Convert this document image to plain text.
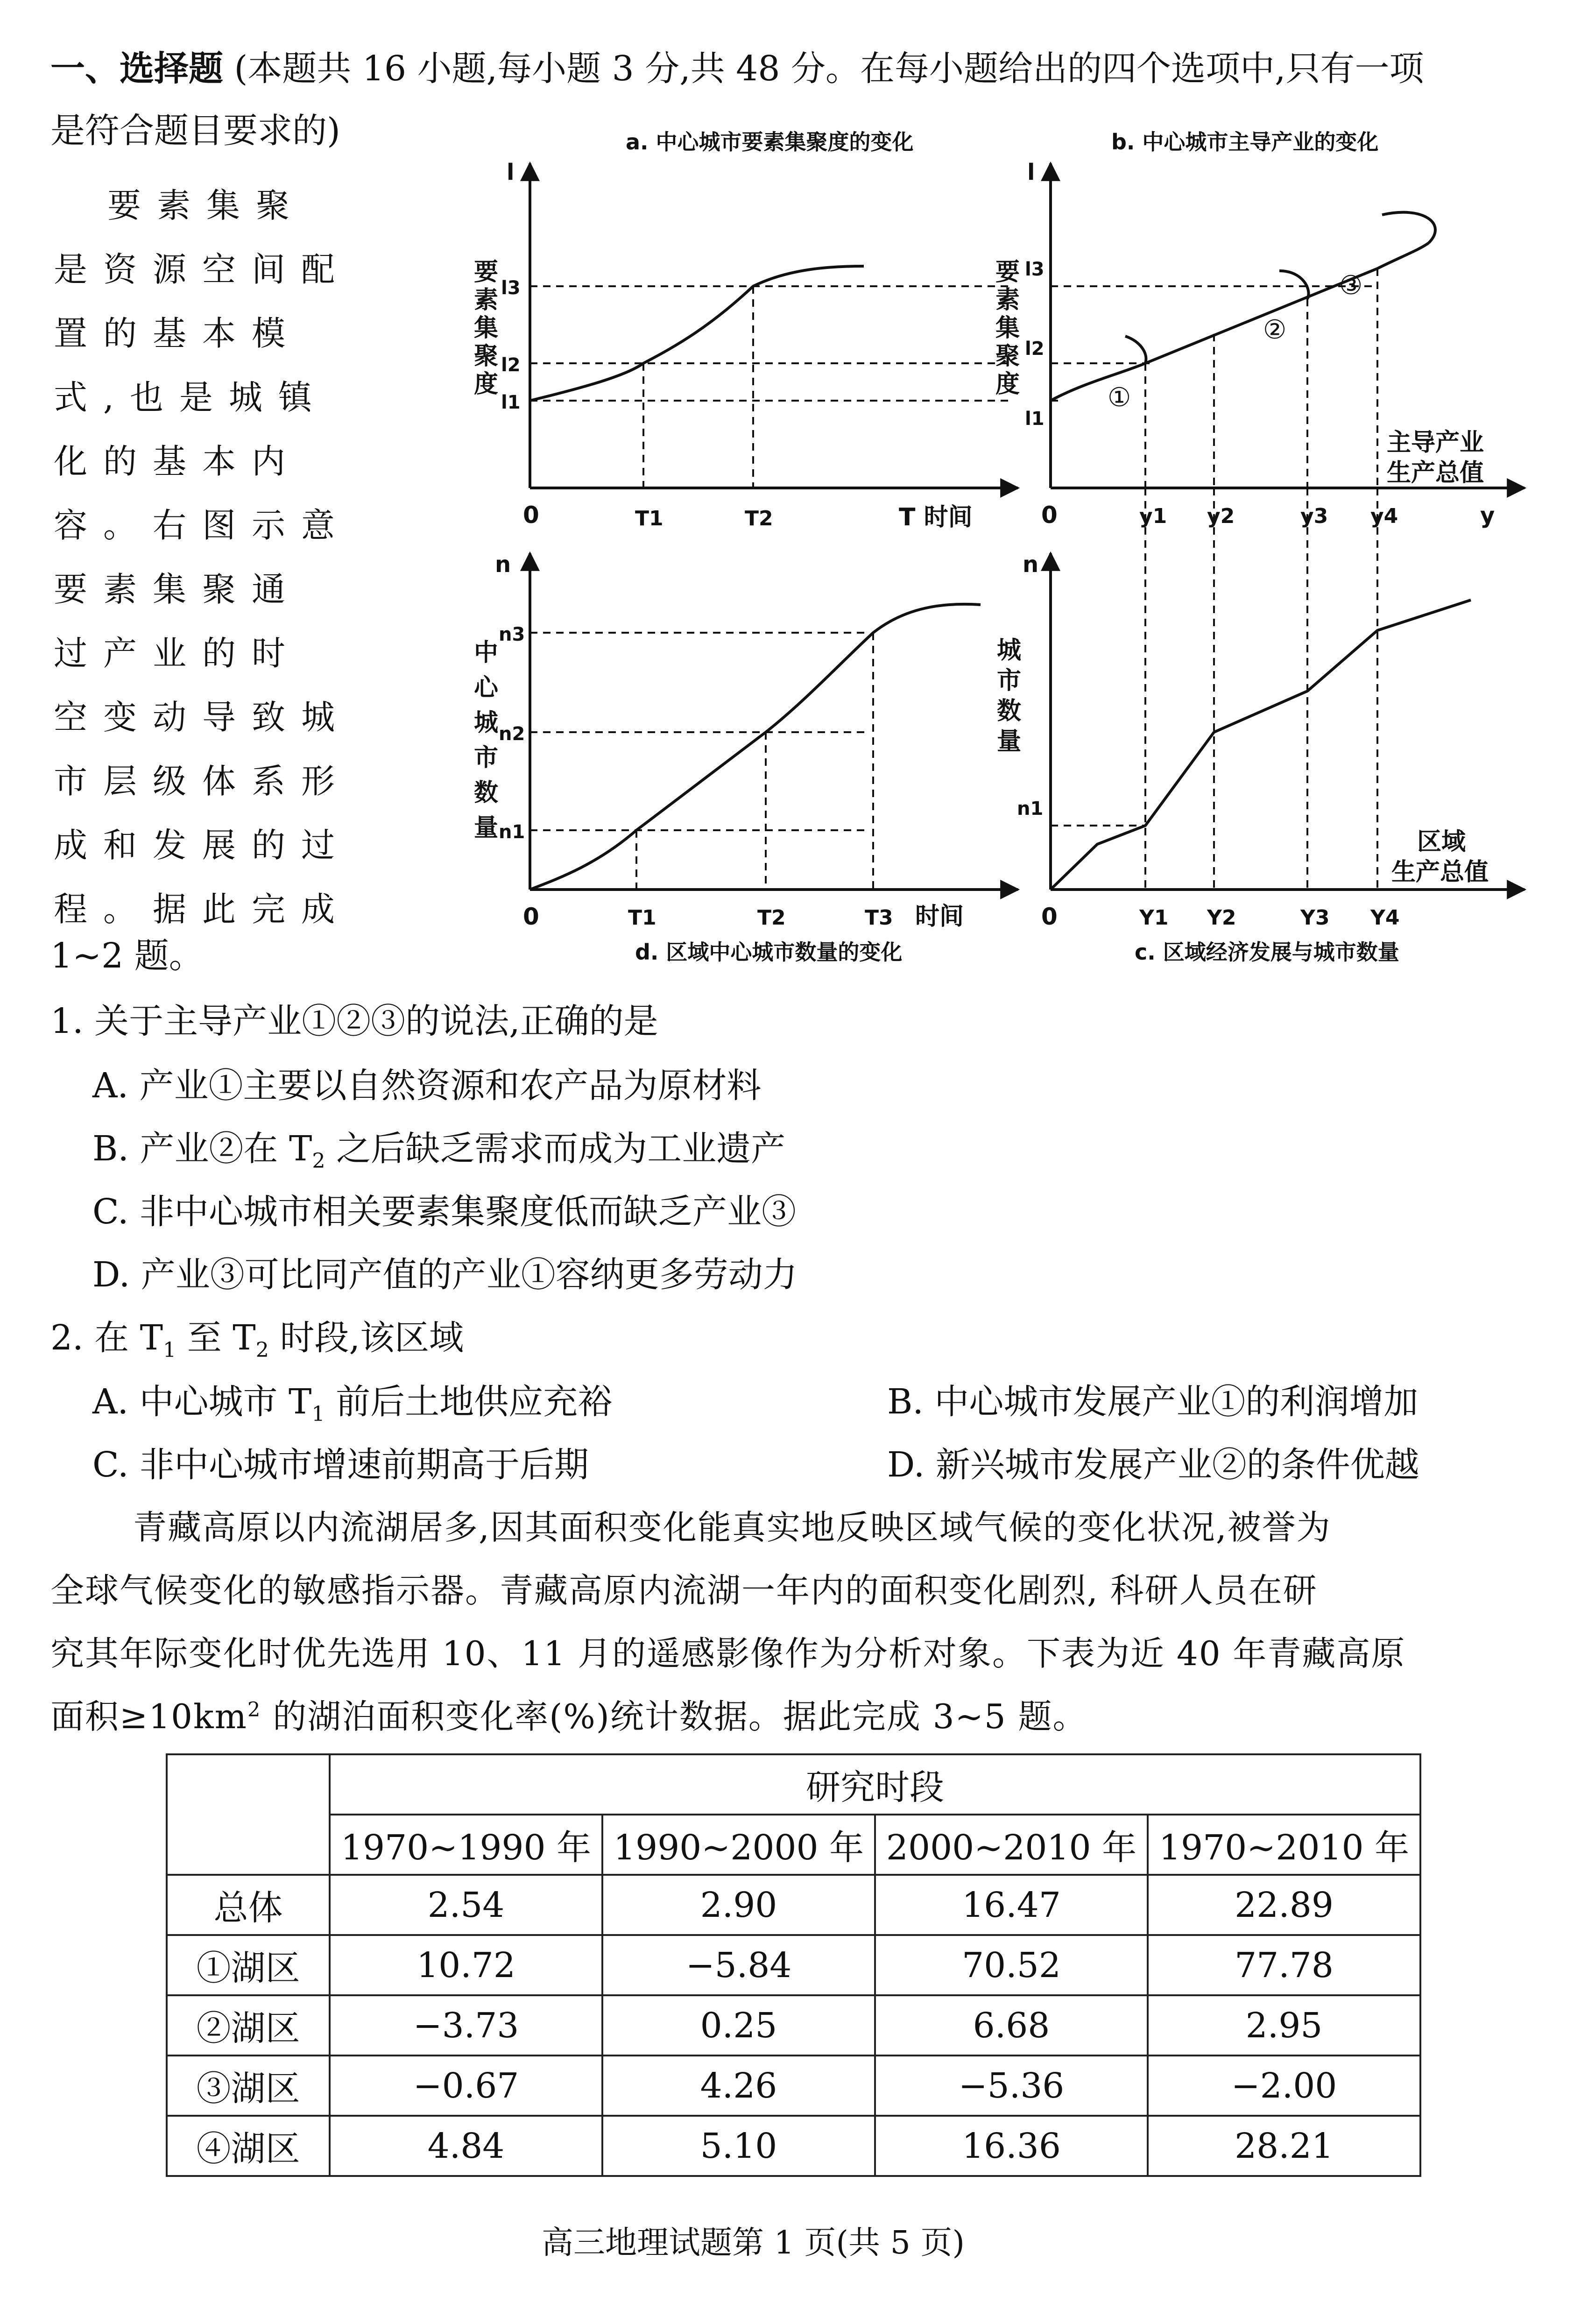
一、选择题 (本题共 16 小题,每小题 3 分,共 48 分。在每小题给出的四个选项中,只有一项
是符合题目要求的)
要素集聚
是资源空间配
置的基本模
式,也是城镇
化的基本内
容。右图示意
要素集聚通
过产业的时
空变动导致城
市层级体系形
成和发展的过
程。据此完成
1~2 题。
a. 中心城市要素集聚度的变化
l
0
l3
l2
l1
要素集聚度
T1	T2	T 时间
b. 中心城市主导产业的变化
l
0	y
①
②
③
l3
l2
l1
要素集聚度
y1 y2	y3 y4
主导产业
生产总值
n
0
n3
n2
n1
中心城市数量
T1	T2	T3 时间
d. 区域中心城市数量的变化
n
0
n1
城市数量
Y1 Y2	Y3 Y4
区域
生产总值
c. 区域经济发展与城市数量
1. 关于主导产业①②③的说法,正确的是
A. 产业①主要以自然资源和农产品为原材料
B. 产业②在 $T_2$ 之后缺乏需求而成为工业遗产
C. 非中心城市相关要素集聚度低而缺乏产业③
D. 产业③可比同产值的产业①容纳更多劳动力
2. 在 $T_1$ 至 $T_2$ 时段,该区域
A. 中心城市 $T_1$ 前后土地供应充裕	B. 中心城市发展产业①的利润增加
C. 非中心城市增速前期高于后期	D. 新兴城市发展产业②的条件优越
青藏高原以内流湖居多,因其面积变化能真实地反映区域气候的变化状况,被誉为
全球气候变化的敏感指示器。青藏高原内流湖一年内的面积变化剧烈, 科研人员在研
究其年际变化时优先选用 10、11 月的遥感影像作为分析对象。下表为近 40 年青藏高原
面积$\ge 10km^2$ 的湖泊面积变化率(%)统计数据。据此完成 3~5 题。
	研究时段			
	1970~1990 年	1990~2000 年	2000~2010 年	1970~2010 年
总体	2.54	2.90	16.47	22.89
①湖区	10.72	−5.84	70.52	77.78
②湖区	−3.73	0.25	6.68	2.95
③湖区	−0.67	4.26	−5.36	−2.00
④湖区	4.84	5.10	16.36	28.21
高三地理试题第 1 页(共 5 页)
